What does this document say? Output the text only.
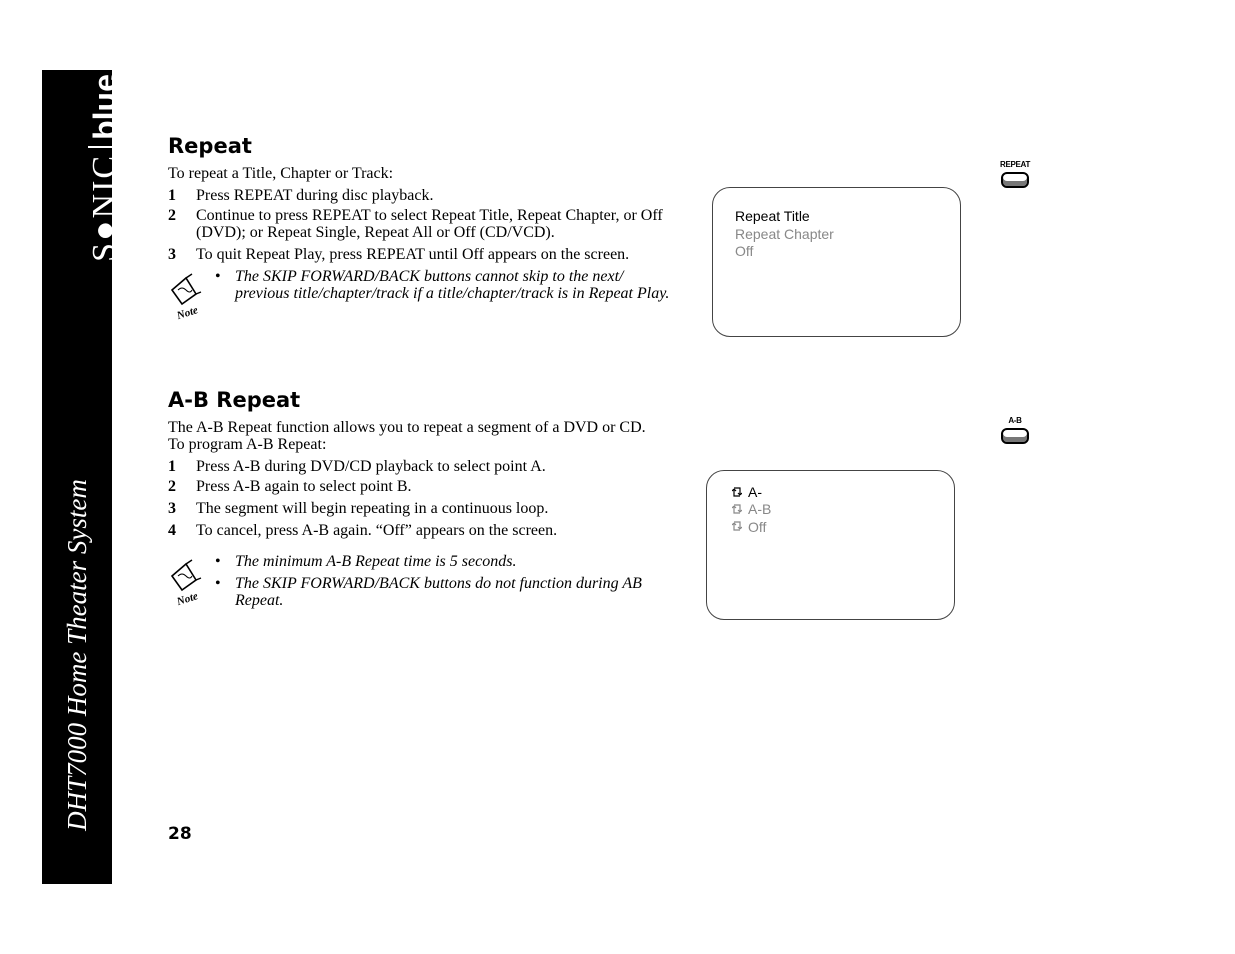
S●NIC
blue
DHT7000 Home Theater System
Repeat
To repeat a Title, Chapter or Track:
1 Press REPEAT during disc playback.
2 Continue to press REPEAT to select Repeat Title, Repeat Chapter, or Off (DVD); or Repeat Single, Repeat All or Off (CD/VCD).
3 To quit Repeat Play, press REPEAT until Off appears on the screen.
Note
• The SKIP FORWARD/BACK buttons cannot skip to the next/ previous title/chapter/track if a title/chapter/track is in Repeat Play.
Repeat Title
Repeat Chapter
Off
REPEAT
A-B Repeat
The A-B Repeat function allows you to repeat a segment of a DVD or CD. To program A-B Repeat:
1 Press A-B during DVD/CD playback to select point A.
2 Press A-B again to select point B.
3 The segment will begin repeating in a continuous loop.
4 To cancel, press A-B again. “Off” appears on the screen.
Note
• The minimum A-B Repeat time is 5 seconds.
• The SKIP FORWARD/BACK buttons do not function during AB Repeat.
A-
A-B
Off
A-B
28
